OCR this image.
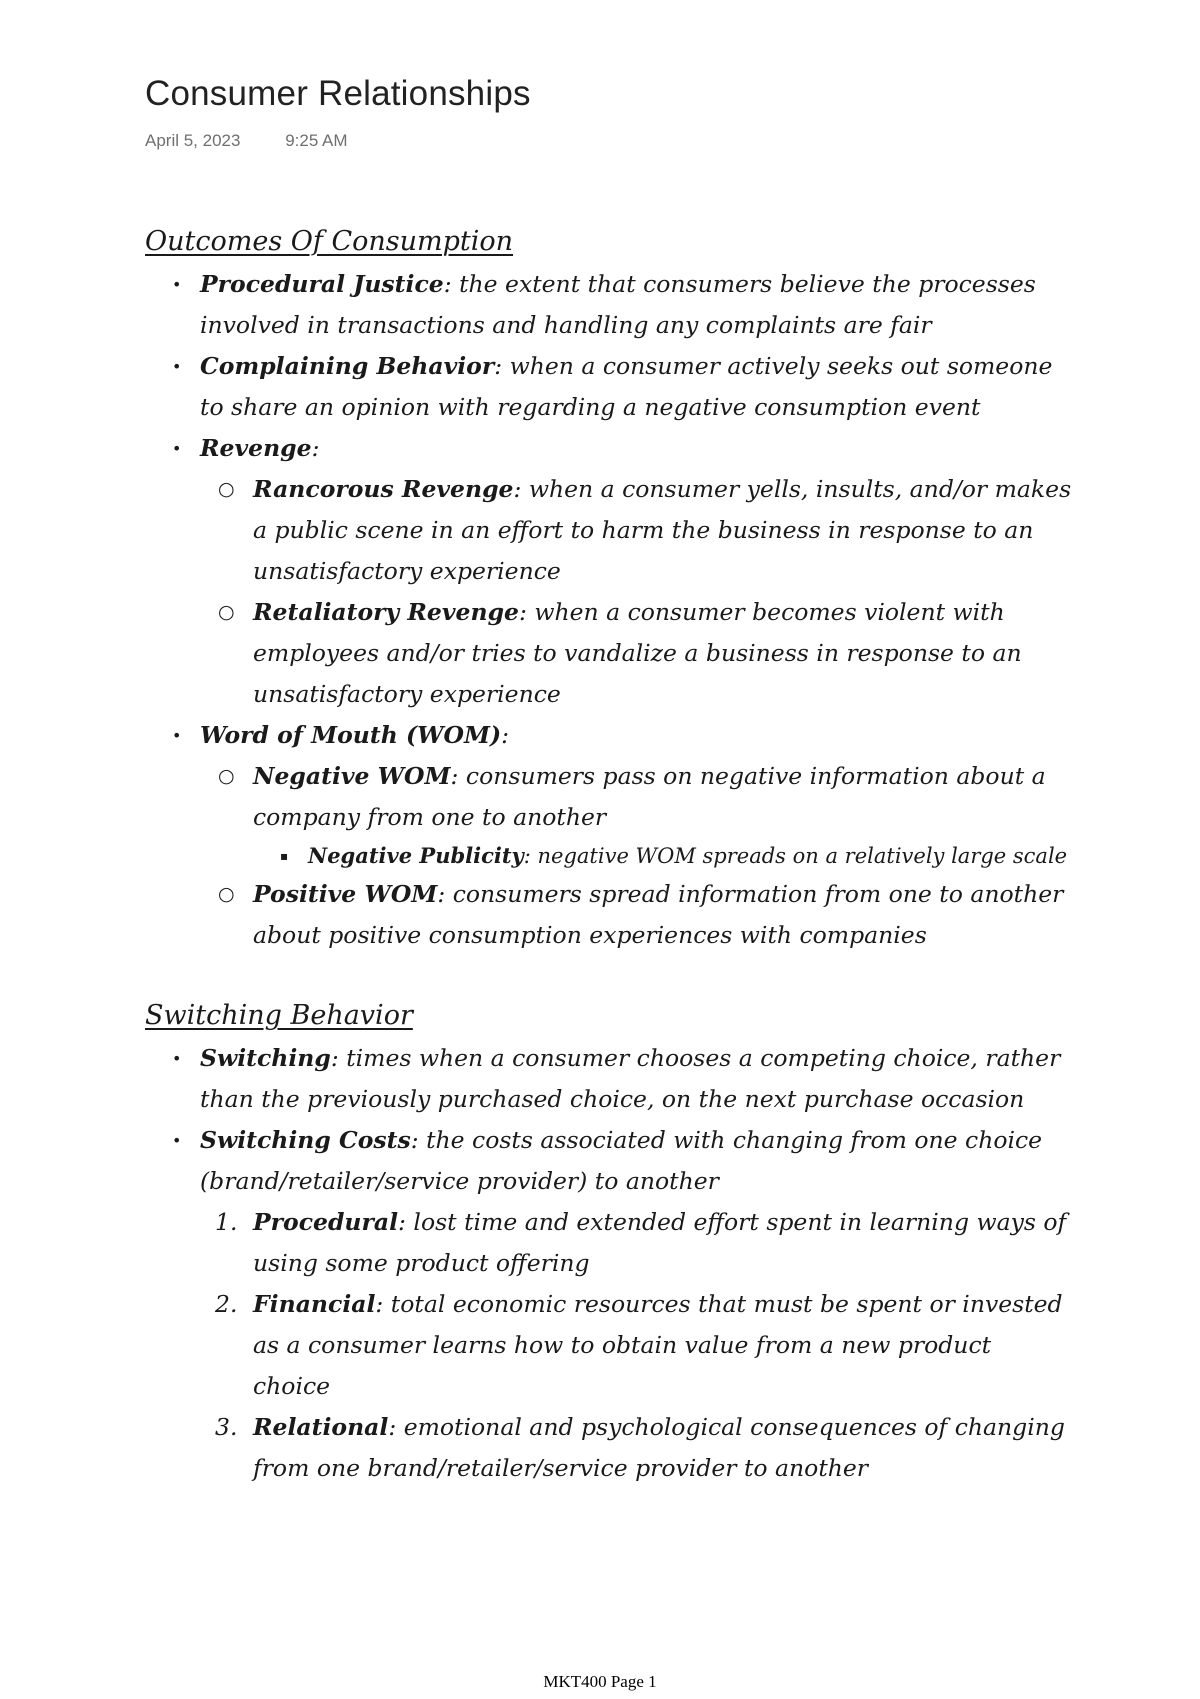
Consumer Relationships
April 5, 2023	9:25 AM
Outcomes Of Consumption
• Procedural Justice: the extent that consumers believe the processes involved in transactions and handling any complaints are fair
• Complaining Behavior: when a consumer actively seeks out someone to share an opinion with regarding a negative consumption event
• Revenge:
○ Rancorous Revenge: when a consumer yells, insults, and/or makes a public scene in an effort to harm the business in response to an unsatisfactory experience
○ Retaliatory Revenge: when a consumer becomes violent with employees and/or tries to vandalize a business in response to an unsatisfactory experience
• Word of Mouth (WOM):
○ Negative WOM: consumers pass on negative information about a company from one to another
▪ Negative Publicity: negative WOM spreads on a relatively large scale
○ Positive WOM: consumers spread information from one to another about positive consumption experiences with companies
Switching Behavior
• Switching: times when a consumer chooses a competing choice, rather than the previously purchased choice, on the next purchase occasion
• Switching Costs: the costs associated with changing from one choice (brand/retailer/service provider) to another
1. Procedural: lost time and extended effort spent in learning ways of using some product offering
2. Financial: total economic resources that must be spent or invested as a consumer learns how to obtain value from a new product choice
3. Relational: emotional and psychological consequences of changing from one brand/retailer/service provider to another
MKT400 Page 1
